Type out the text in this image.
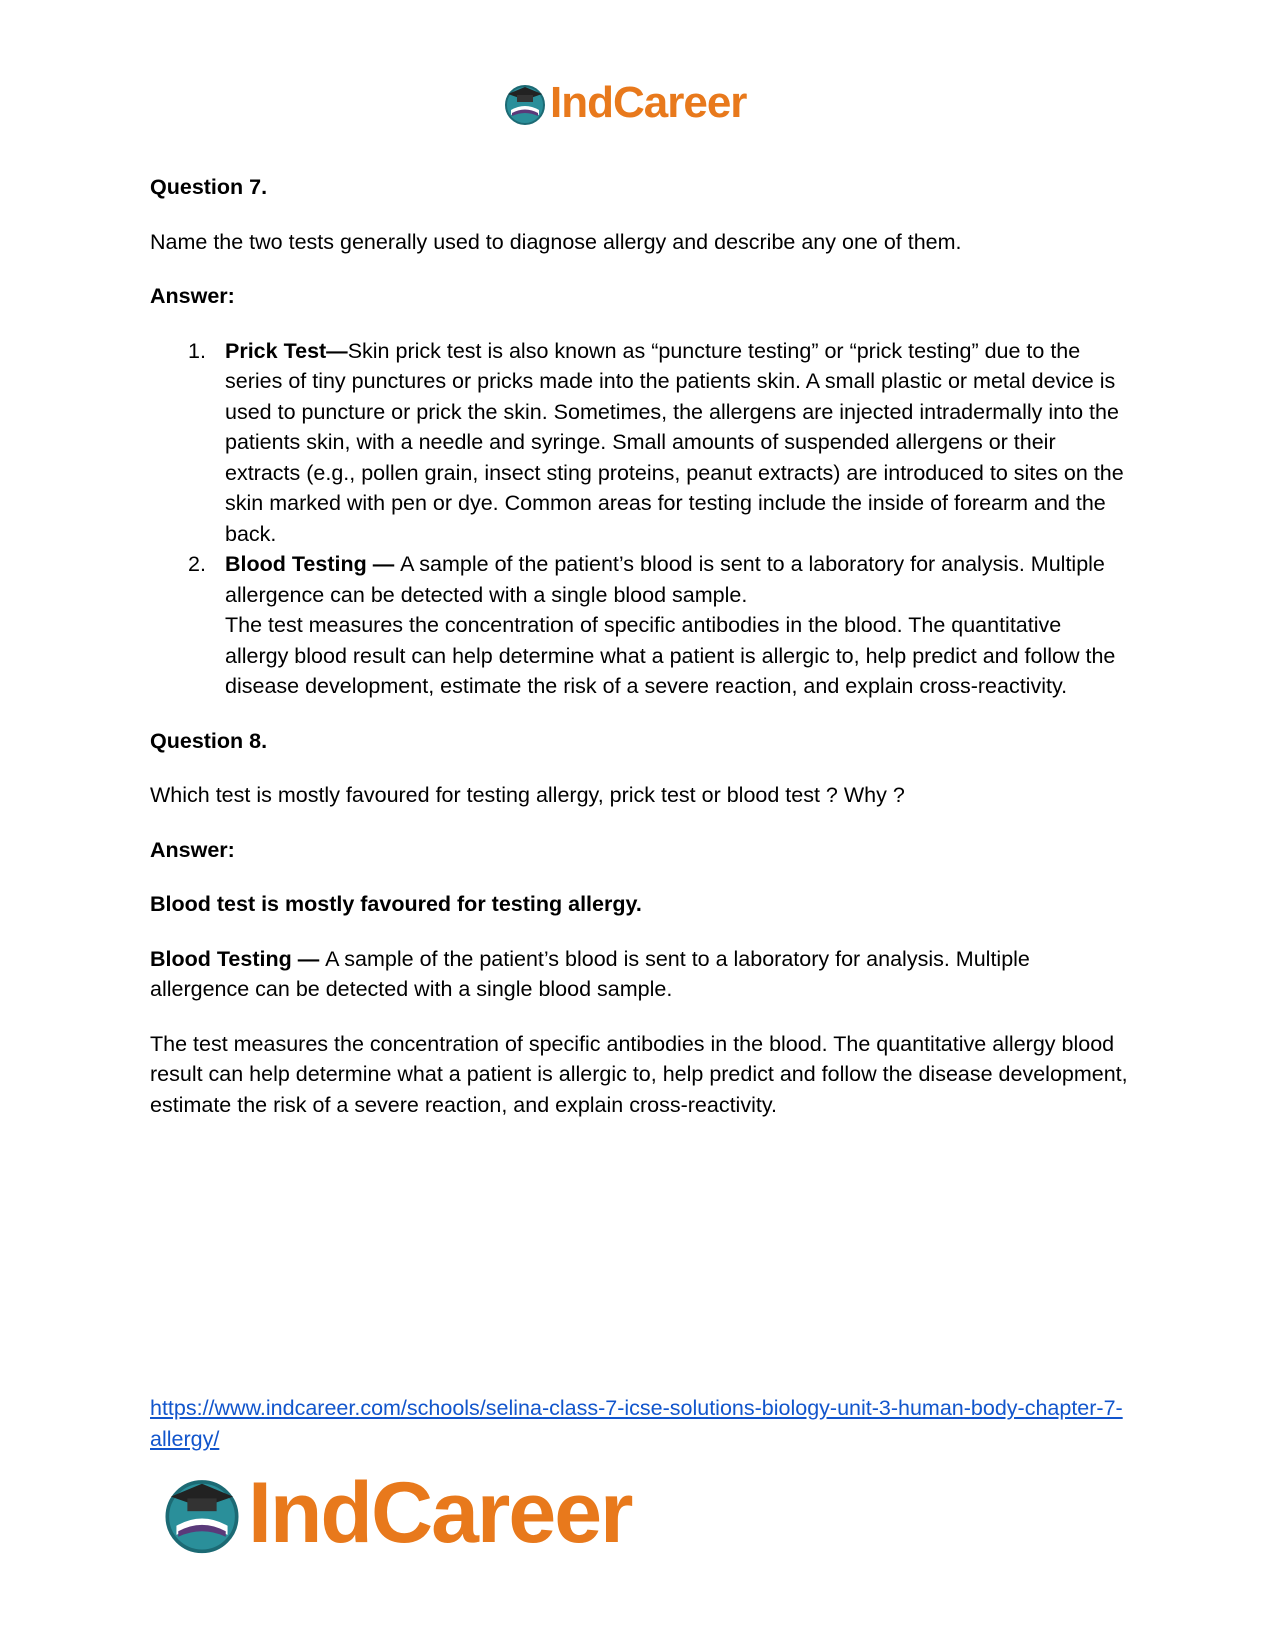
IndCareer

Question 7.

Name the two tests generally used to diagnose allergy and describe any one of them.

Answer:

1. Prick Test—Skin prick test is also known as “puncture testing” or “prick testing” due to the series of tiny punctures or pricks made into the patients skin. A small plastic or metal device is used to puncture or prick the skin. Sometimes, the allergens are injected intradermally into the patients skin, with a needle and syringe. Small amounts of suspended allergens or their extracts (e.g., pollen grain, insect sting proteins, peanut extracts) are introduced to sites on the skin marked with pen or dye. Common areas for testing include the inside of forearm and the back.
2. Blood Testing — A sample of the patient’s blood is sent to a laboratory for analysis. Multiple allergence can be detected with a single blood sample.
The test measures the concentration of specific antibodies in the blood. The quantitative allergy blood result can help determine what a patient is allergic to, help predict and follow the disease development, estimate the risk of a severe reaction, and explain cross-reactivity.

Question 8.

Which test is mostly favoured for testing allergy, prick test or blood test ? Why ?

Answer:

Blood test is mostly favoured for testing allergy.

Blood Testing — A sample of the patient’s blood is sent to a laboratory for analysis. Multiple allergence can be detected with a single blood sample.

The test measures the concentration of specific antibodies in the blood. The quantitative allergy blood result can help determine what a patient is allergic to, help predict and follow the disease development, estimate the risk of a severe reaction, and explain cross-reactivity.

https://www.indcareer.com/schools/selina-class-7-icse-solutions-biology-unit-3-human-body-chapter-7-allergy/
IndCareer
